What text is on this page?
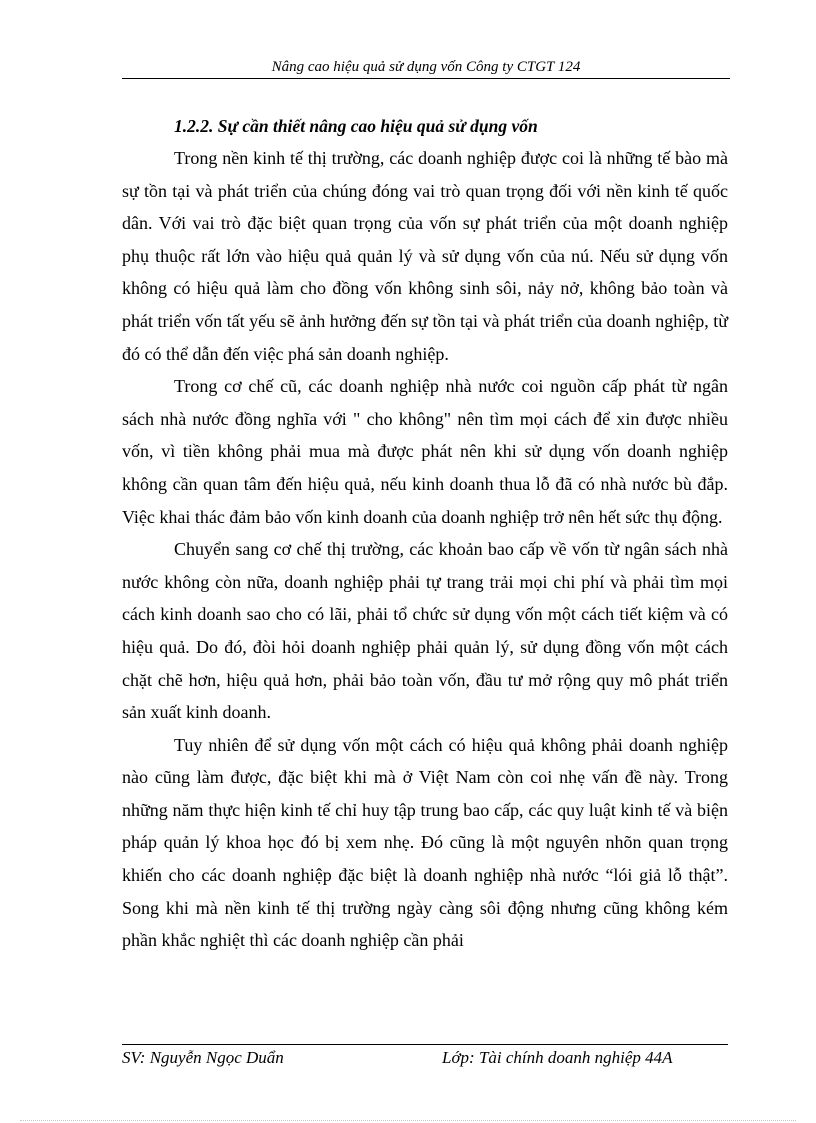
Nâng cao hiệu quả sử dụng vốn Công ty CTGT 124
1.2.2. Sự cần thiết nâng cao hiệu quả sử dụng vốn

Trong nền kinh tế thị trường, các doanh nghiệp được coi là những tế bào mà sự tồn tại và phát triển của chúng đóng vai trò quan trọng đối với nền kinh tế quốc dân. Với vai trò đặc biệt quan trọng của vốn sự phát triển của một doanh nghiệp phụ thuộc rất lớn vào hiệu quả quản lý và sử dụng vốn của nú. Nếu sử dụng vốn không có hiệu quả làm cho đồng vốn không sinh sôi, nảy nở, không bảo toàn và phát triển vốn tất yếu sẽ ảnh hưởng đến sự tồn tại và phát triển của doanh nghiệp, từ đó có thể dẫn đến việc phá sản doanh nghiệp.

Trong cơ chế cũ, các doanh nghiệp nhà nước coi nguồn cấp phát từ ngân sách nhà nước đồng nghĩa với " cho không" nên tìm mọi cách để xin được nhiều vốn, vì tiền không phải mua mà được phát nên khi sử dụng vốn doanh nghiệp không cần quan tâm đến hiệu quả, nếu kinh doanh thua lỗ đã có nhà nước bù đắp. Việc khai thác đảm bảo vốn kinh doanh của doanh nghiệp trở nên hết sức thụ động.

Chuyển sang cơ chế thị trường, các khoản bao cấp về vốn từ ngân sách nhà nước không còn nữa, doanh nghiệp phải tự trang trải mọi chi phí và phải tìm mọi cách kinh doanh sao cho có lãi, phải tổ chức sử dụng vốn một cách tiết kiệm và có hiệu quả. Do đó, đòi hỏi doanh nghiệp phải quản lý, sử dụng đồng vốn một cách chặt chẽ hơn, hiệu quả hơn, phải bảo toàn vốn, đầu tư mở rộng quy mô phát triển sản xuất kinh doanh.

Tuy nhiên để sử dụng vốn một cách có hiệu quả không phải doanh nghiệp nào cũng làm được, đặc biệt khi mà ở Việt Nam còn coi nhẹ vấn đề này. Trong những năm thực hiện kinh tế chỉ huy tập trung bao cấp, các quy luật kinh tế và biện pháp quản lý khoa học đó bị xem nhẹ. Đó cũng là một nguyên nhõn quan trọng khiến cho các doanh nghiệp đặc biệt là doanh nghiệp nhà nước “lói giả lỗ thật”. Song khi mà nền kinh tế thị trường ngày càng sôi động nhưng cũng không kém phần khắc nghiệt thì các doanh nghiệp cần phải

SV: Nguyễn Ngọc Duẩn	Lớp: Tài chính doanh nghiệp 44A
